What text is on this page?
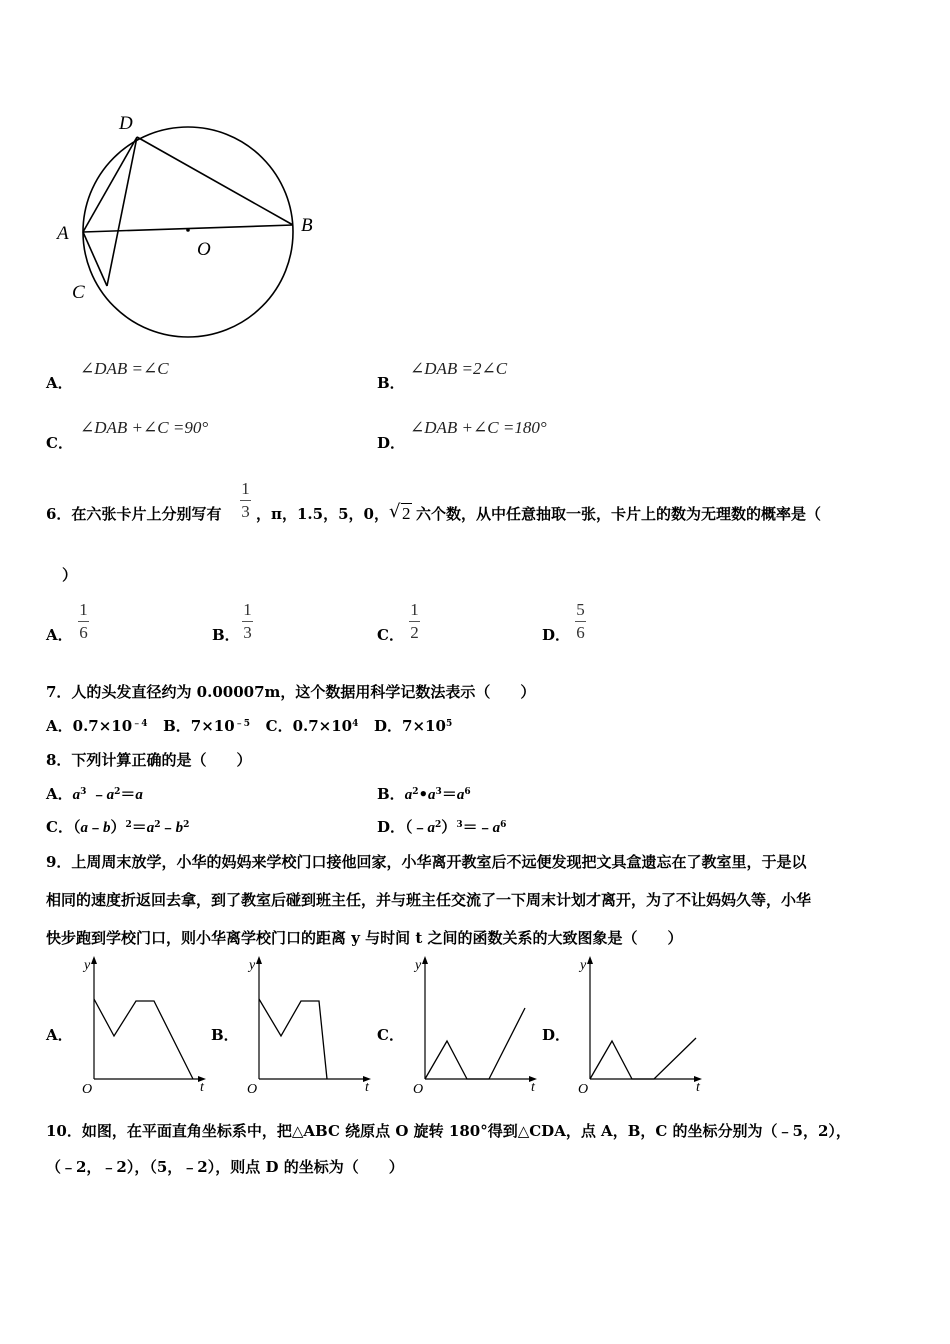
D
A
O
B
C
A．
∠DAB =∠C
B．
∠DAB =2∠C
C．
∠DAB +∠C =90°
D．
∠DAB +∠C =180°
6．在六张卡片上分别写有
1
3 ，π，1.5，5，0， √ 2 六个数，从中任意抽取一张，卡片上的数为无理数的概率是（
）
A．
1
6	B．
1
3	C．
1
2	D．
5
6
7．人的头发直径约为 0.00007m，这个数据用科学记数法表示（　　）
A．$0.7\times 10^{﹣4}$ B．$7\times 10^{﹣5}$ C．$0.7\times 10^4$ D．$7\times 10^5$
8．下列计算正确的是（　　）
A．$a^3$ $﹣a^2=a$	B．$a^2•a^3=a^6$
C．$(a﹣b)^2=a^2﹣b^2$	D．$(﹣a^2)^3=﹣a^6$
9．上周周末放学，小华的妈妈来学校门口接他回家，小华离开教室后不远便发现把文具盒遗忘在了教室里，于是以
相同的速度折返回去拿，到了教室后碰到班主任，并与班主任交流了一下周末计划才离开，为了不让妈妈久等，小华
快步跑到学校门口，则小华离学校门口的距离 y 与时间 t 之间的函数关系的大致图象是（　　）
A．	B．	C．	D．
y
t
O
y
t
O
y
t
O
y
t
O
10．如图，在平面直角坐标系中，把△ABC 绕原点 O 旋转 180°得到△CDA，点 A，B，C 的坐标分别为（﹣5，2），
（﹣2，﹣2），（5，﹣2），则点 D 的坐标为（　　）
